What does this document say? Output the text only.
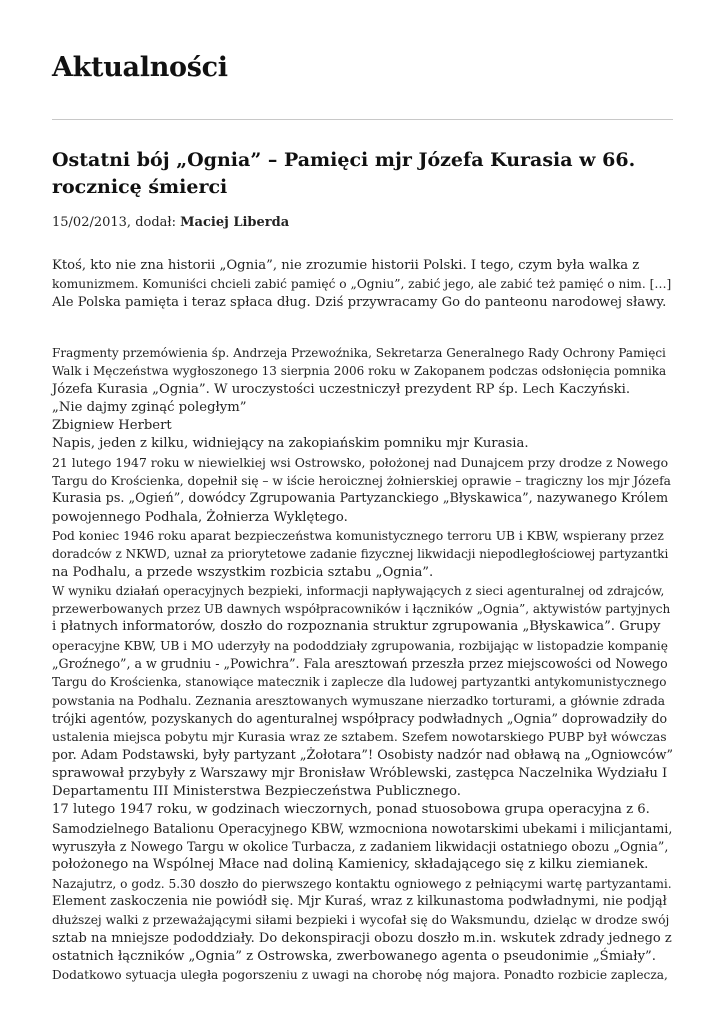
Aktualności
Ostatni bój „Ognia” – Pamięci mjr Józefa Kurasia w 66.
rocznicę śmierci
15/02/2013, dodał: Maciej Liberda
Ktoś, kto nie zna historii „Ognia”, nie zrozumie historii Polski. I tego, czym była walka z
komunizmem. Komuniści chcieli zabić pamięć o „Ogniu”, zabić jego, ale zabić też pamięć o nim. […]
Ale Polska pamięta i teraz spłaca dług. Dziś przywracamy Go do panteonu narodowej sławy.
Fragmenty przemówienia śp. Andrzeja Przewoźnika, Sekretarza Generalnego Rady Ochrony Pamięci
Walk i Męczeństwa wygłoszonego 13 sierpnia 2006 roku w Zakopanem podczas odsłonięcia pomnika
Józefa Kurasia „Ognia”. W uroczystości uczestniczył prezydent RP śp. Lech Kaczyński.
„Nie dajmy zginąć poległym”
Zbigniew Herbert
Napis, jeden z kilku, widniejący na zakopiańskim pomniku mjr Kurasia.
21 lutego 1947 roku w niewielkiej wsi Ostrowsko, położonej nad Dunajcem przy drodze z Nowego
Targu do Krościenka, dopełnił się – w iście heroicznej żołnierskiej oprawie – tragiczny los mjr Józefa
Kurasia ps. „Ogień”, dowódcy Zgrupowania Partyzanckiego „Błyskawica”, nazywanego Królem
powojennego Podhala, Żołnierza Wyklętego.
Pod koniec 1946 roku aparat bezpieczeństwa komunistycznego terroru UB i KBW, wspierany przez
doradców z NKWD, uznał za priorytetowe zadanie fizycznej likwidacji niepodległościowej partyzantki
na Podhalu, a przede wszystkim rozbicia sztabu „Ognia”.
W wyniku działań operacyjnych bezpieki, informacji napływających z sieci agenturalnej od zdrajców,
przewerbowanych przez UB dawnych współpracowników i łączników „Ognia”, aktywistów partyjnych
i płatnych informatorów, doszło do rozpoznania struktur zgrupowania „Błyskawica”. Grupy
operacyjne KBW, UB i MO uderzyły na pododdziały zgrupowania, rozbijając w listopadzie kompanię
„Groźnego”, a w grudniu - „Powichra”. Fala aresztowań przeszła przez miejscowości od Nowego
Targu do Krościenka, stanowiące matecznik i zaplecze dla ludowej partyzantki antykomunistycznego
powstania na Podhalu. Zeznania aresztowanych wymuszane nierzadko torturami, a głównie zdrada
trójki agentów, pozyskanych do agenturalnej współpracy podwładnych „Ognia” doprowadziły do
ustalenia miejsca pobytu mjr Kurasia wraz ze sztabem. Szefem nowotarskiego PUBP był wówczas
por. Adam Podstawski, były partyzant „Żołotara”! Osobisty nadzór nad obławą na „Ogniowców”
sprawował przybyły z Warszawy mjr Bronisław Wróblewski, zastępca Naczelnika Wydziału I
Departamentu III Ministerstwa Bezpieczeństwa Publicznego.
17 lutego 1947 roku, w godzinach wieczornych, ponad stuosobowa grupa operacyjna z 6.
Samodzielnego Batalionu Operacyjnego KBW, wzmocniona nowotarskimi ubekami i milicjantami,
wyruszyła z Nowego Targu w okolice Turbacza, z zadaniem likwidacji ostatniego obozu „Ognia”,
położonego na Wspólnej Młace nad doliną Kamienicy, składającego się z kilku ziemianek.
Nazajutrz, o godz. 5.30 doszło do pierwszego kontaktu ogniowego z pełniącymi wartę partyzantami.
Element zaskoczenia nie powiódł się. Mjr Kuraś, wraz z kilkunastoma podwładnymi, nie podjął
dłuższej walki z przeważającymi siłami bezpieki i wycofał się do Waksmundu, dzieląc w drodze swój
sztab na mniejsze pododdziały. Do dekonspiracji obozu doszło m.in. wskutek zdrady jednego z
ostatnich łączników „Ognia” z Ostrowska, zwerbowanego agenta o pseudonimie „Śmiały”.
Dodatkowo sytuacja uległa pogorszeniu z uwagi na chorobę nóg majora. Ponadto rozbicie zaplecza,
